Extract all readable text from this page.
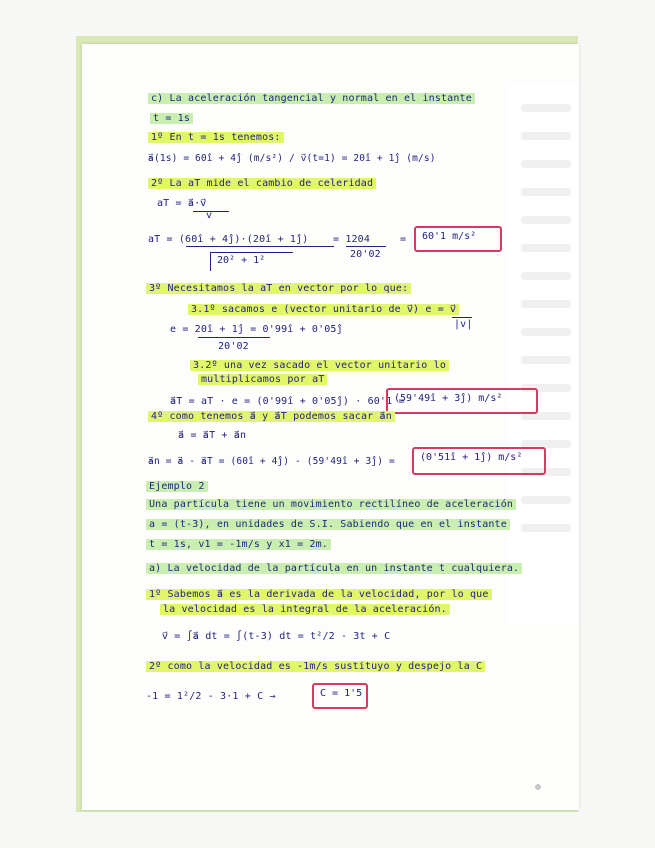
c) La aceleración tangencial y normal en el instante

t = 1s

1º En t = 1s tenemos:

a⃗(1s) = 60î + 4ĵ (m/s²) / v⃗(t=1) = 20î + 1ĵ (m/s)

2º La aT mide el cambio de celeridad

aT = a⃗·v⃗

v

aT = (60î + 4ĵ)·(20î + 1ĵ) = 1204

20'02

20² + 1²

= 60'1 m/s²

3º Necesitamos la aT en vector por lo que:

3.1º sacamos e (vector unitario de v⃗) e = v⃗

|v|

e = 20î + 1ĵ = 0'99î + 0'05ĵ

20'02

3.2º una vez sacado el vector unitario lo

multiplicamos por aT

a⃗T = aT · e = (0'99î + 0'05ĵ) · 60'1 =

(59'49î + 3ĵ) m/s²

4º como tenemos a⃗ y a⃗T podemos sacar a⃗n

a⃗ = a⃗T + a⃗n

a⃗n = a⃗ - a⃗T = (60î + 4ĵ) - (59'49î + 3ĵ) =	(0'51î + 1ĵ) m/s²

Ejemplo 2

Una partícula tiene un movimiento rectilíneo de aceleración

a = (t-3), en unidades de S.I. Sabiendo que en el instante

t = 1s, v1 = -1m/s y x1 = 2m.

a) La velocidad de la partícula en un instante t cualquiera.

1º Sabemos a⃗ es la derivada de la velocidad, por lo que

la velocidad es la integral de la aceleración.

v⃗ = ∫a⃗ dt = ∫(t-3) dt = t²/2 - 3t + C

2º como la velocidad es -1m/s sustituyo y despejo la C

-1 = 1²/2 - 3·1 + C →	C = 1'5
